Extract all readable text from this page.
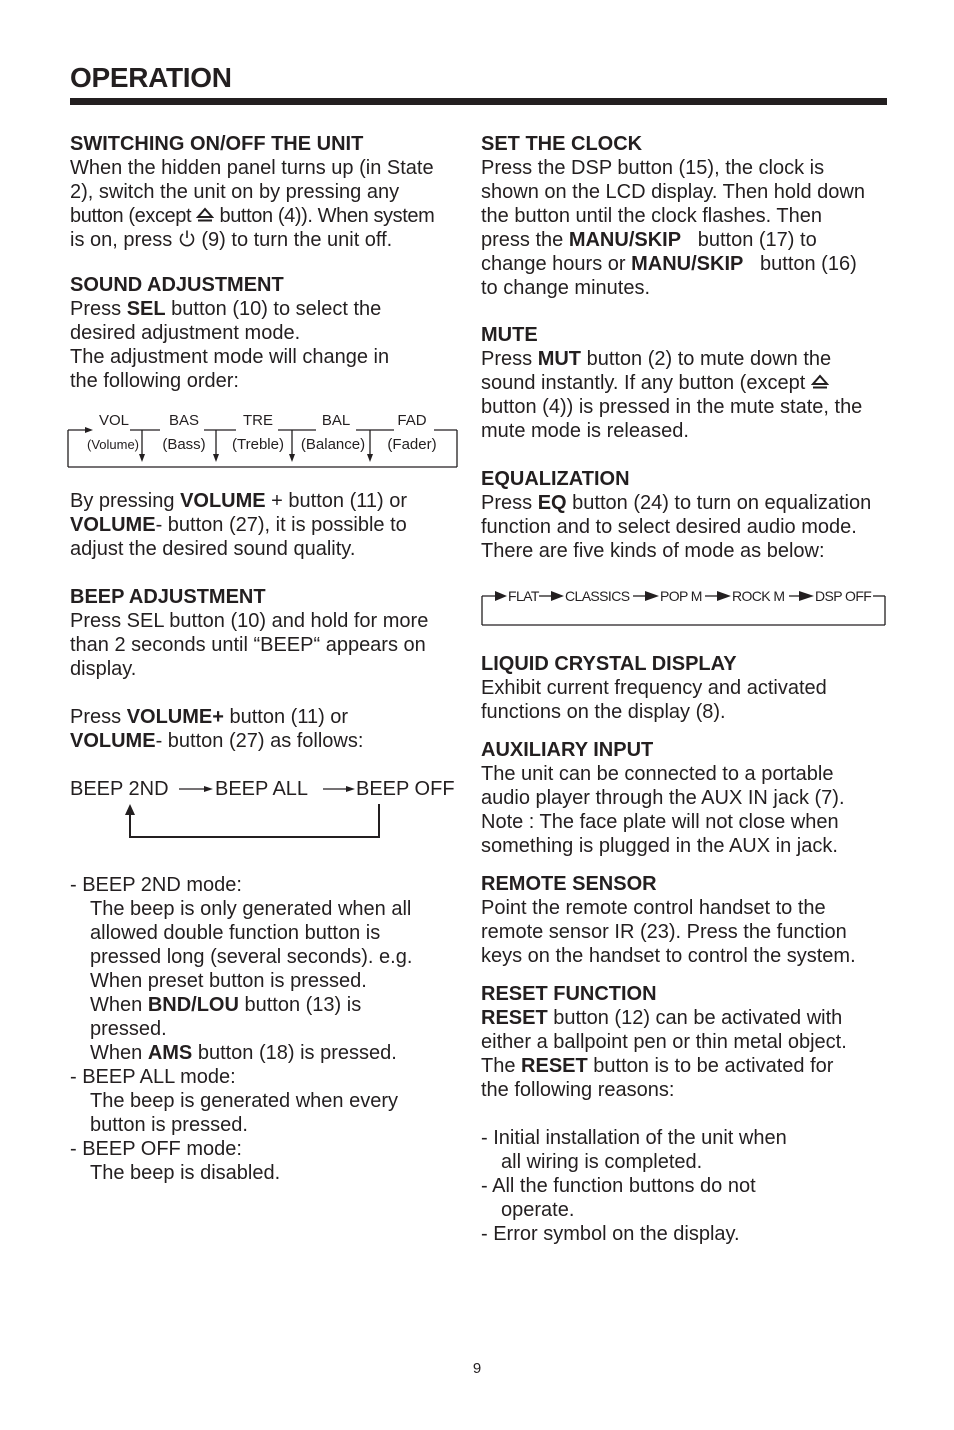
OPERATION
SWITCHING ON/OFF THE UNIT
When the hidden panel turns up (in State
2), switch the unit on by pressing any
button (except  button (4)). When system
is on, press  (9) to turn the unit off.
SOUND ADJUSTMENT
Press SEL button (10) to select the
desired adjustment mode.
The adjustment mode will change in
the following order:
VOL
(Volume)
BAS
(Bass)
TRE
(Treble)
BAL
(Balance)
FAD
(Fader)
By pressing VOLUME + button (11) or
VOLUME- button (27), it is possible to
adjust the desired sound quality.
BEEP ADJUSTMENT
Press SEL button (10) and hold for more
than 2 seconds until “BEEP“ appears on
display.
Press VOLUME+ button (11) or
VOLUME- button (27) as follows:
BEEP 2ND BEEP ALL BEEP OFF
- BEEP 2ND mode:
The beep is only generated when all
allowed double function button is
pressed long (several seconds). e.g.
When preset button is pressed.
When BND/LOU button (13) is
pressed.
When AMS button (18) is pressed.
- BEEP ALL mode:
The beep is generated when every
button is pressed.
- BEEP OFF mode:
The beep is disabled.
SET THE CLOCK
Press the DSP button (15), the clock is
shown on the LCD display. Then hold down
the button until the clock flashes. Then
press the MANU/SKIP   button (17) to
change hours or MANU/SKIP   button (16)
to change minutes.
MUTE
Press MUT button (2) to mute down the
sound instantly. If any button (except
button (4)) is pressed in the mute state, the
mute mode is released.
EQUALIZATION
Press EQ button (24) to turn on equalization
function and to select desired audio mode.
There are five kinds of mode as below:
FLAT CLASSICS POP M ROCK M DSP OFF
LIQUID CRYSTAL DISPLAY
Exhibit current frequency and activated
functions on the display (8).
AUXILIARY INPUT
The unit can be connected to a portable
audio player through the AUX IN jack (7).
Note : The face plate will not close when
something is plugged in the AUX in jack.
REMOTE SENSOR
Point the remote control handset to the
remote sensor IR (23). Press the function
keys on the handset to control the system.
RESET FUNCTION
RESET button (12) can be activated with
either a ballpoint pen or thin metal object.
The RESET button is to be activated for
the following reasons:
- Initial installation of the unit when
all wiring is completed.
- All the function buttons do not
operate.
- Error symbol on the display.
9
